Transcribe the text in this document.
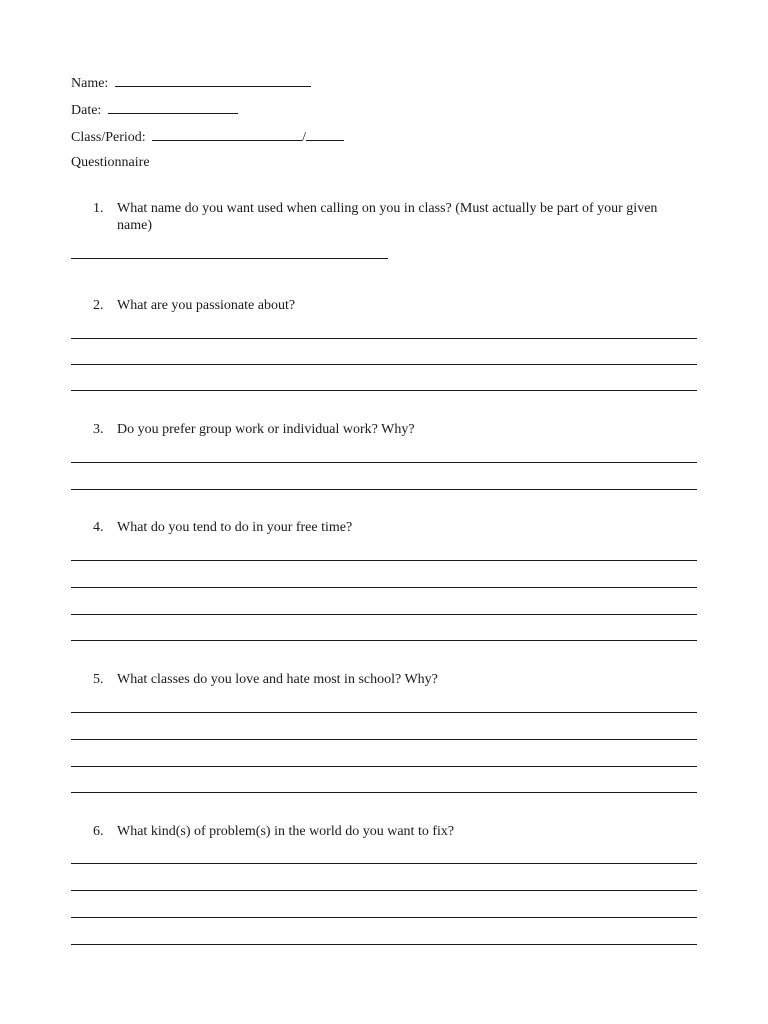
Name:
Date:
Class/Period:	/
Questionnaire
1. What name do you want used when calling on you in class? (Must actually be part of your given name)
2. What are you passionate about?
3. Do you prefer group work or individual work? Why?
4. What do you tend to do in your free time?
5. What classes do you love and hate most in school? Why?
6. What kind(s) of problem(s) in the world do you want to fix?
